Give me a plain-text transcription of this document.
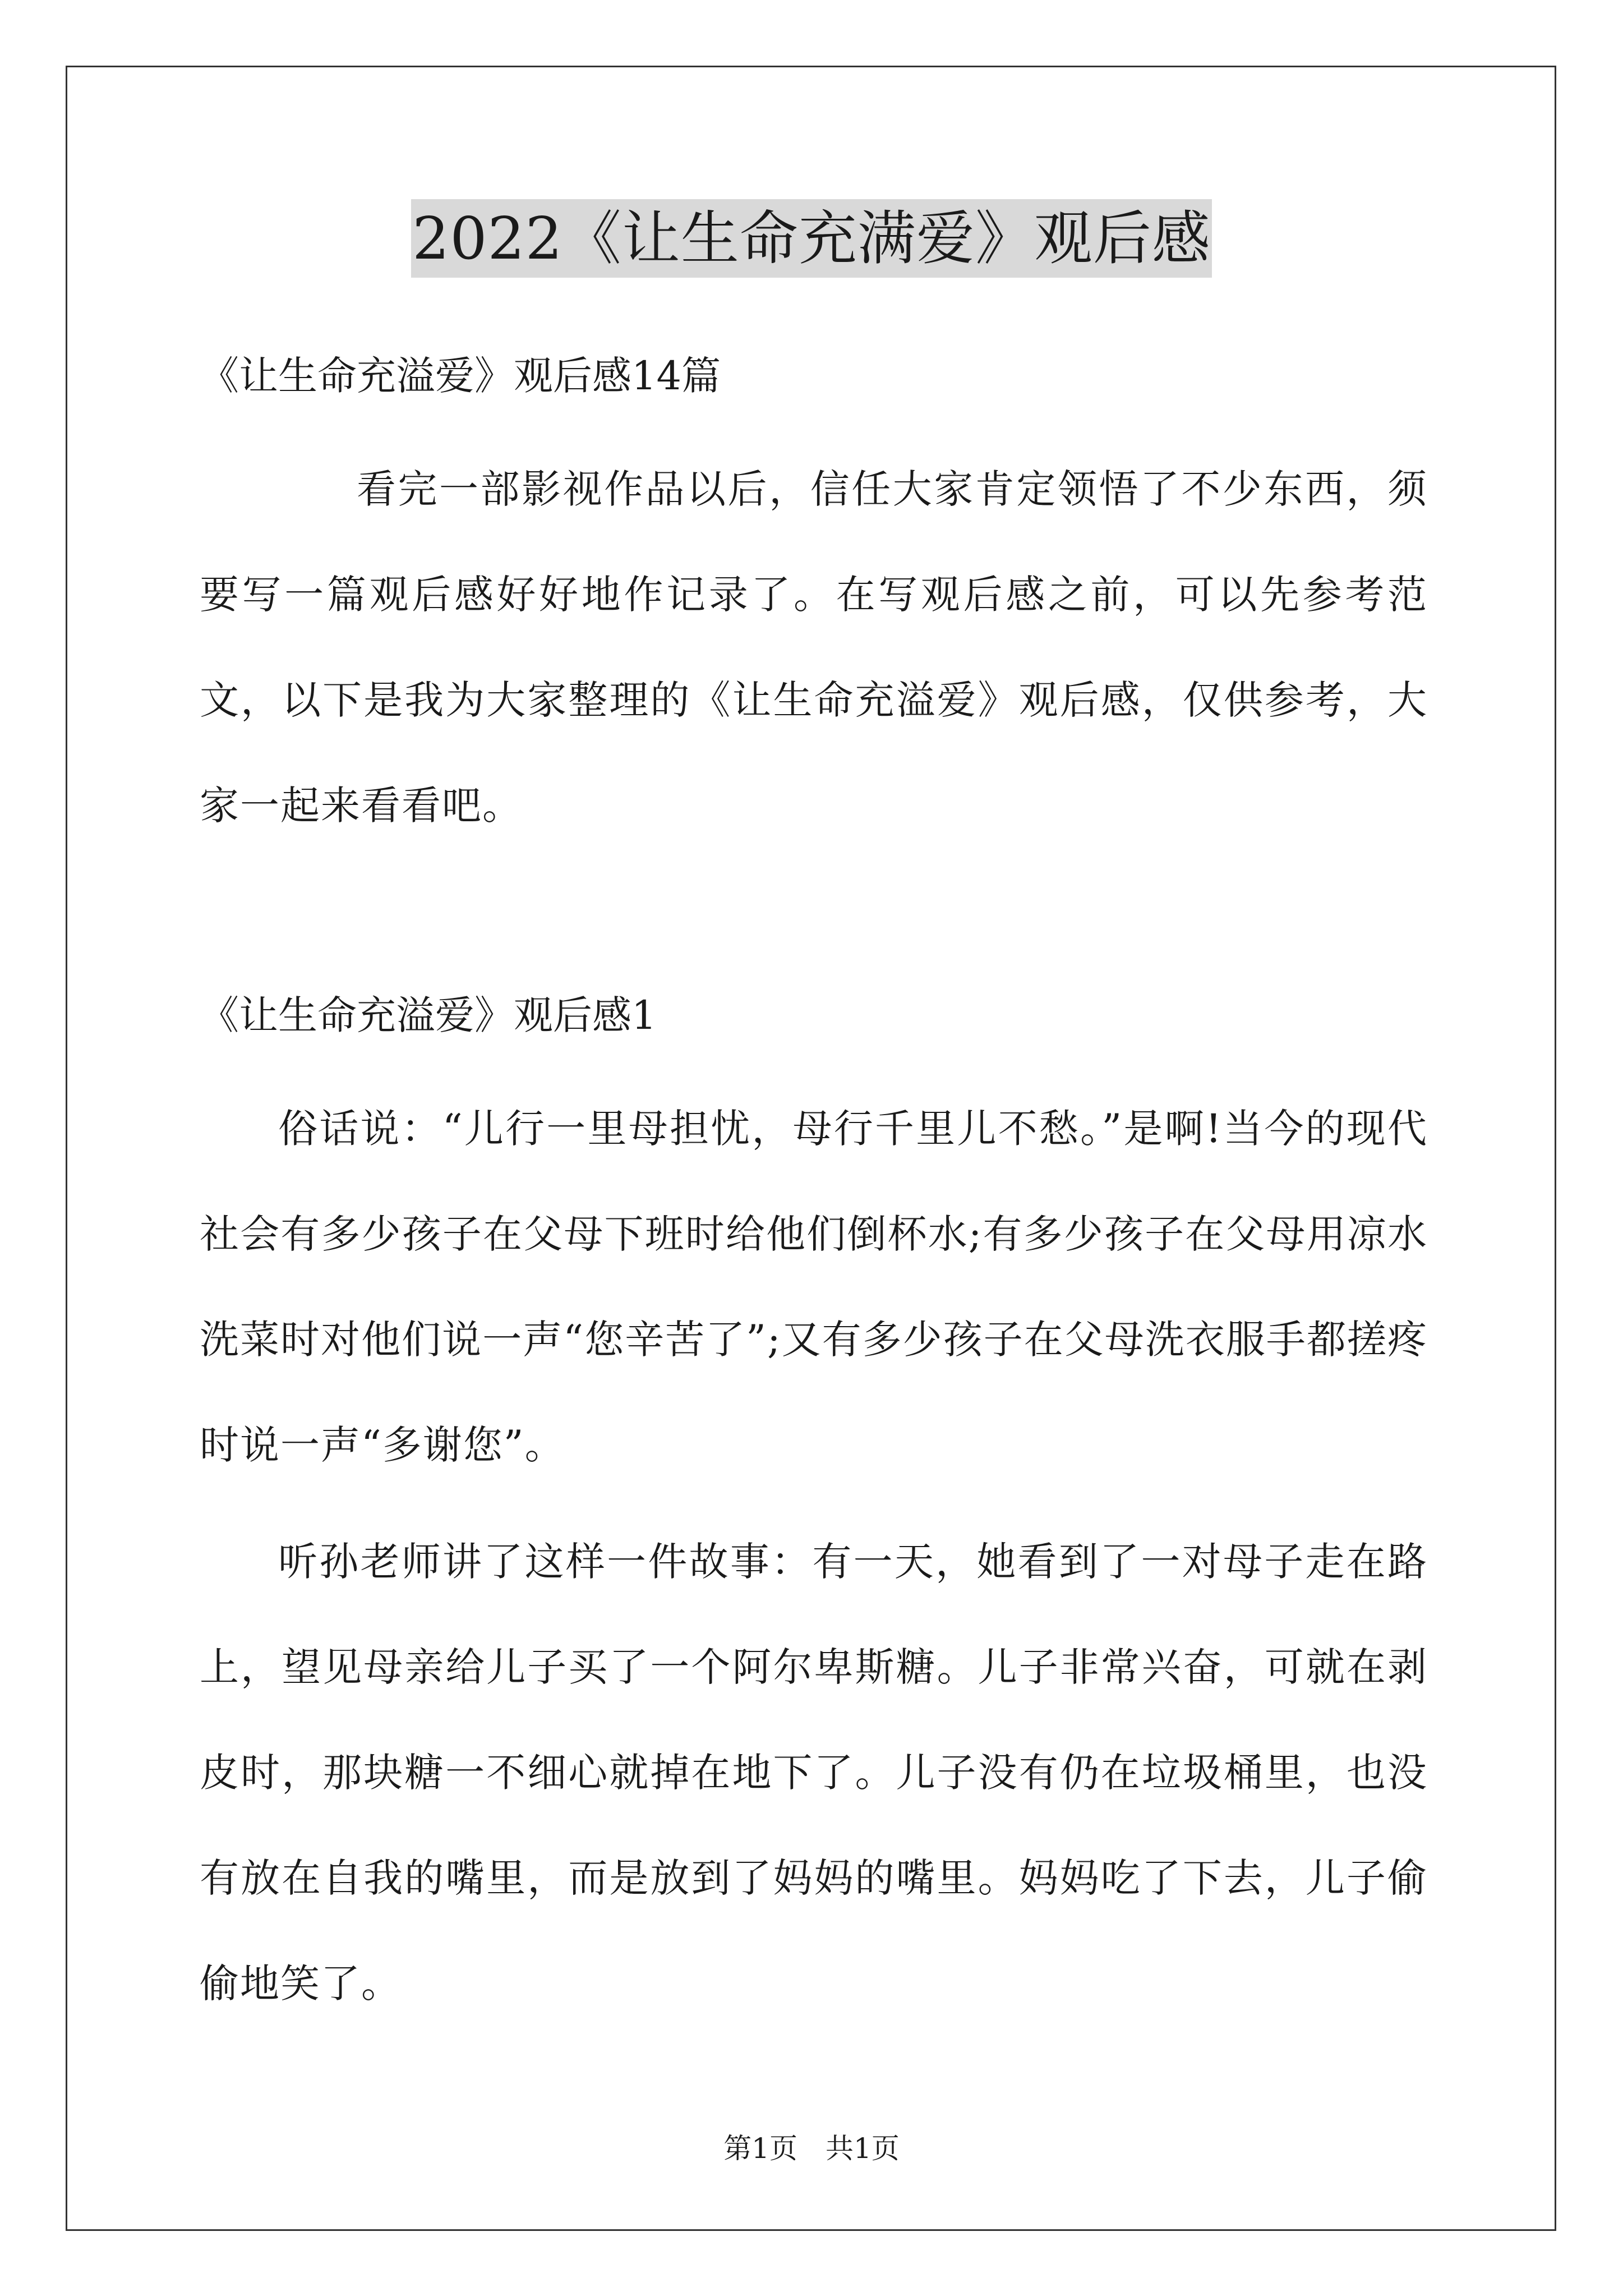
2022《让生命充满爱》观后感

《让生命充溢爱》观后感14篇

看完一部影视作品以后，信任大家肯定领悟了不少东西，须要写一篇观后感好好地作记录了。在写观后感之前，可以先参考范文，以下是我为大家整理的《让生命充溢爱》观后感，仅供参考，大家一起来看看吧。

《让生命充溢爱》观后感1

俗话说：“儿行一里母担忧，母行千里儿不愁。”是啊!当今的现代社会有多少孩子在父母下班时给他们倒杯水;有多少孩子在父母用凉水洗菜时对他们说一声“您辛苦了”;又有多少孩子在父母洗衣服手都搓疼时说一声“多谢您”。

听孙老师讲了这样一件故事：有一天，她看到了一对母子走在路上，望见母亲给儿子买了一个阿尔卑斯糖。儿子非常兴奋，可就在剥皮时，那块糖一不细心就掉在地下了。儿子没有仍在垃圾桶里，也没有放在自我的嘴里，而是放到了妈妈的嘴里。妈妈吃了下去，儿子偷偷地笑了。

第1页 共1页
